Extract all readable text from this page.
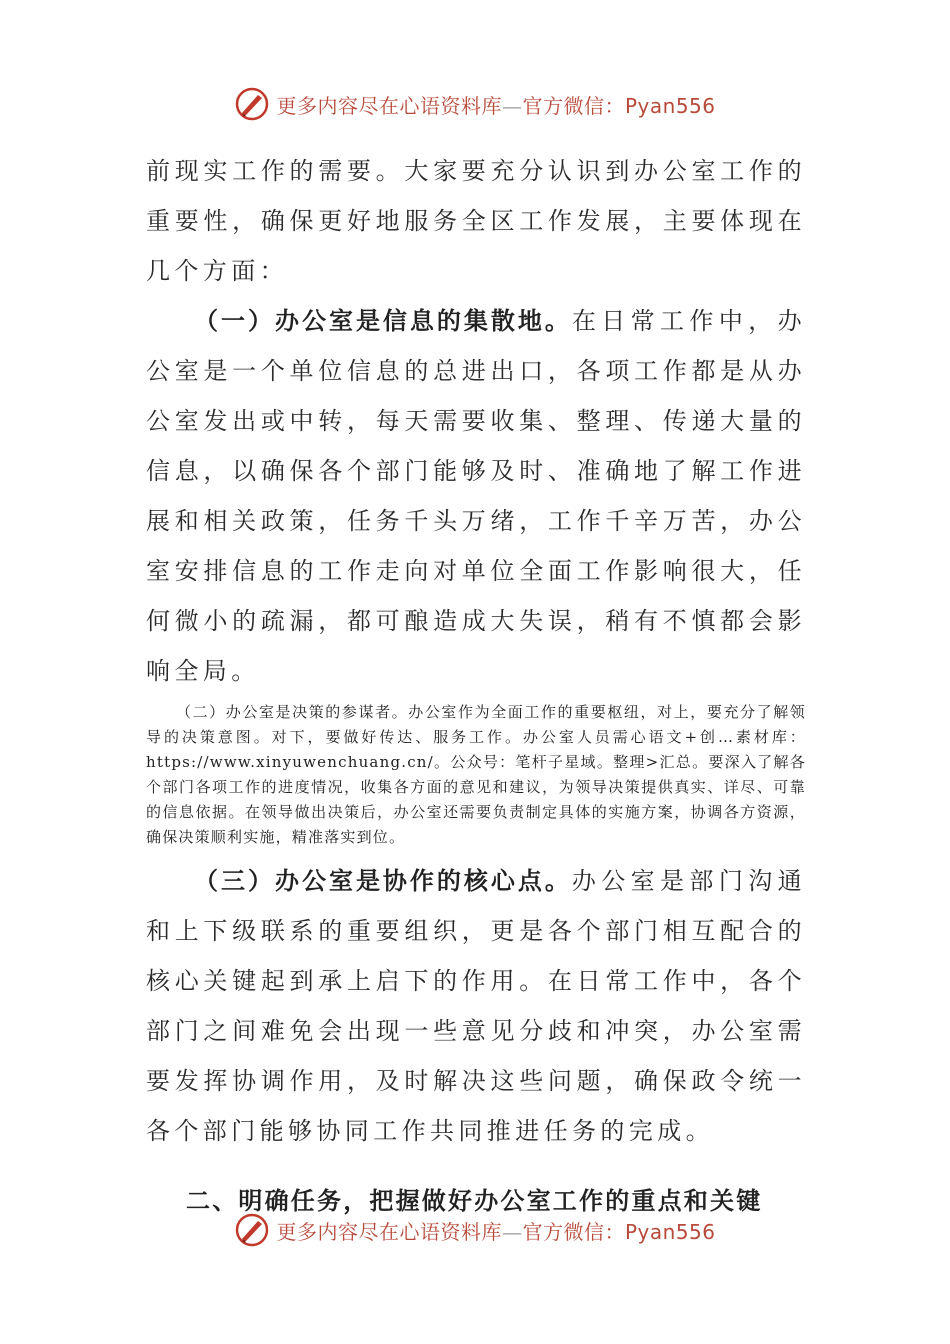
更多内容尽在心语资料库—官方微信：Pyan556

前现实工作的需要。大家要充分认识到办公室工作的重要性，确保更好地服务全区工作发展，主要体现在几个方面：

（一）办公室是信息的集散地。在日常工作中，办公室是一个单位信息的总进出口，各项工作都是从办公室发出或中转，每天需要收集、整理、传递大量的信息，以确保各个部门能够及时、准确地了解工作进展和相关政策，任务千头万绪，工作千辛万苦，办公室安排信息的工作走向对单位全面工作影响很大，任何微小的疏漏，都可酿造成大失误，稍有不慎都会影响全局。

（二）办公室是决策的参谋者。办公室作为全面工作的重要枢纽，对上，要充分了解领导的决策意图。对下，要做好传达、服务工作。办公室人员需心语文+创…素材库：https://www.xinyuwenchuang.cn/。公众号：笔杆子星域。整理>汇总。要深入了解各个部门各项工作的进度情况，收集各方面的意见和建议，为领导决策提供真实、详尽、可靠的信息依据。在领导做出决策后，办公室还需要负责制定具体的实施方案，协调各方资源，确保决策顺利实施，精准落实到位。

（三）办公室是协作的核心点。办公室是部门沟通和上下级联系的重要组织，更是各个部门相互配合的核心关键起到承上启下的作用。在日常工作中，各个部门之间难免会出现一些意见分歧和冲突，办公室需要发挥协调作用，及时解决这些问题，确保政令统一各个部门能够协同工作共同推进任务的完成。

二、明确任务，把握做好办公室工作的重点和关键
更多内容尽在心语资料库—官方微信：Pyan556
